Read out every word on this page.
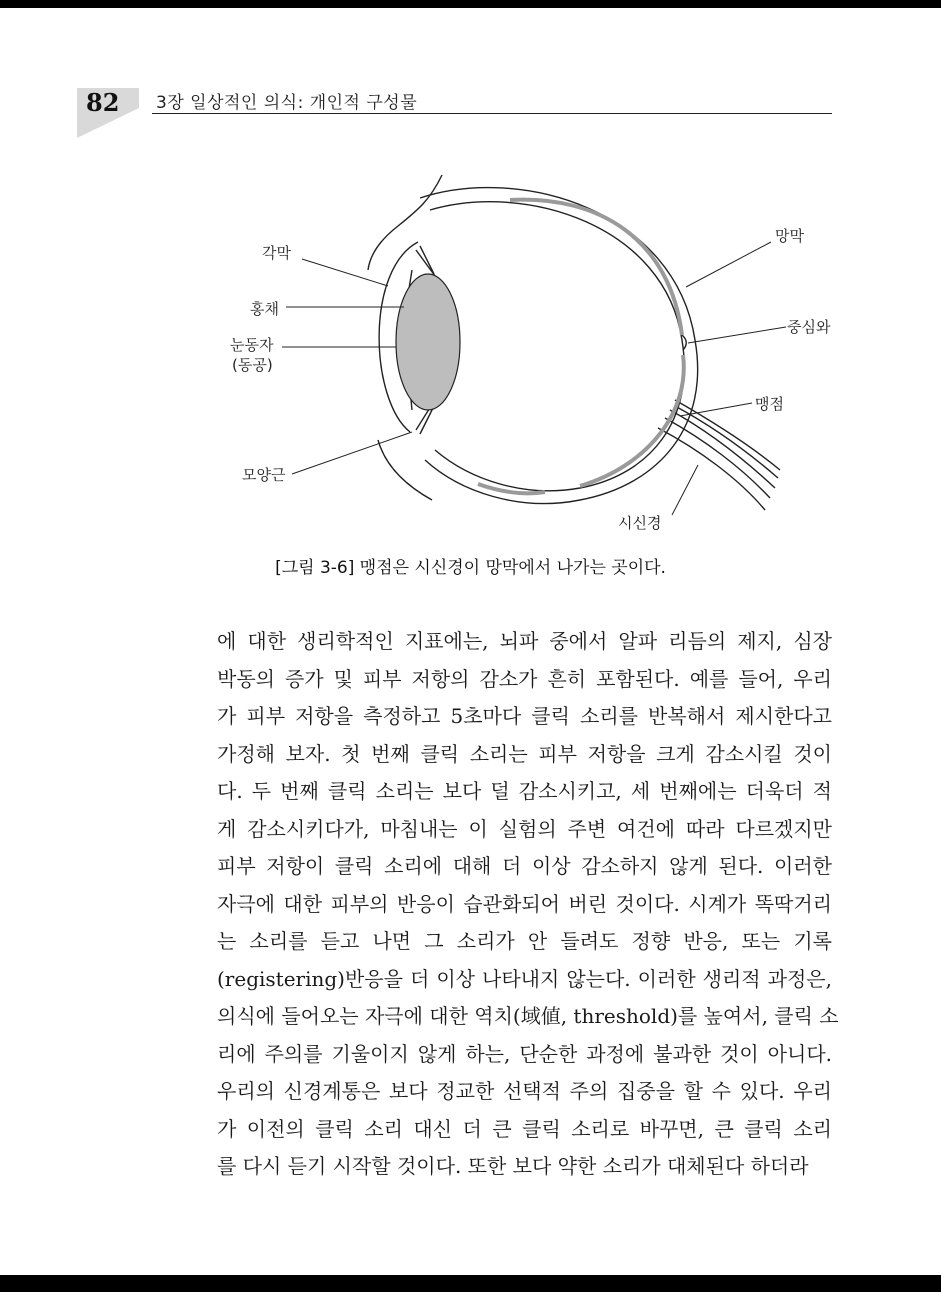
82 3장 일상적인 의식: 개인적 구성물
각막
홍채
눈동자
(동공)
모양근
망막
중심와
맹점
시신경
[그림 3-6] 맹점은 시신경이 망막에서 나가는 곳이다.
에 대한 생리학적인 지표에는, 뇌파 중에서 알파 리듬의 제지, 심장
박동의 증가 및 피부 저항의 감소가 흔히 포함된다. 예를 들어, 우리
가 피부 저항을 측정하고 5초마다 클릭 소리를 반복해서 제시한다고
가정해 보자. 첫 번째 클릭 소리는 피부 저항을 크게 감소시킬 것이
다. 두 번째 클릭 소리는 보다 덜 감소시키고, 세 번째에는 더욱더 적
게 감소시키다가, 마침내는 이 실험의 주변 여건에 따라 다르겠지만
피부 저항이 클릭 소리에 대해 더 이상 감소하지 않게 된다. 이러한
자극에 대한 피부의 반응이 습관화되어 버린 것이다. 시계가 똑딱거리
는 소리를 듣고 나면 그 소리가 안 들려도 정향 반응, 또는 기록
(registering)반응을 더 이상 나타내지 않는다. 이러한 생리적 과정은,
의식에 들어오는 자극에 대한 역치(域値, threshold)를 높여서, 클릭 소
리에 주의를 기울이지 않게 하는, 단순한 과정에 불과한 것이 아니다.
우리의 신경계통은 보다 정교한 선택적 주의 집중을 할 수 있다. 우리
가 이전의 클릭 소리 대신 더 큰 클릭 소리로 바꾸면, 큰 클릭 소리
를 다시 듣기 시작할 것이다. 또한 보다 약한 소리가 대체된다 하더라
